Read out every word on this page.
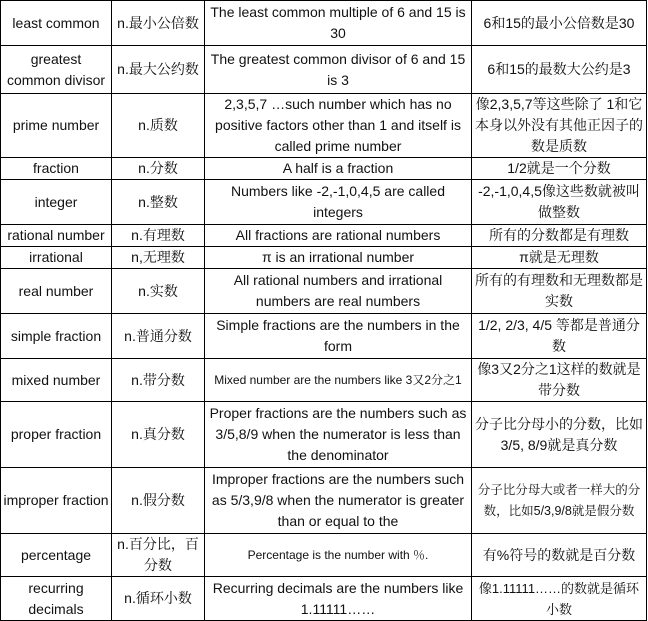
least common	n.最小公倍数	The least common multiple of 6 and 15 is 30	6和15的最小公倍数是30
greatest common divisor	n.最大公约数	The greatest common divisor of 6 and 15 is 3	6和15的最数大公约是3
prime number	n.质数	2,3,5,7 …such number which has no positive factors other than 1 and itself is called prime number	像2,3,5,7等这些除了 1和它本身以外没有其他正因子的数是质数
fraction	n.分数	A half is a fraction	1/2就是一个分数
integer	n.整数	Numbers like -2,-1,0,4,5 are called integers	-2,-1,0,4,5像这些数就被叫做整数
rational number	n.有理数	All fractions are rational numbers	所有的分数都是有理数
irrational	n,无理数	π is an irrational number	π就是无理数
real number	n.实数	All rational numbers and irrational numbers are real numbers	所有的有理数和无理数都是实数
simple fraction	n.普通分数	Simple fractions are the numbers in the form	1/2, 2/3, 4/5 等都是普通分数
mixed number	n.带分数	Mixed number are the numbers like 3又2分之1	像3又2分之1这样的数就是带分数
proper fraction	n.真分数	Proper fractions are the numbers such as 3/5,8/9 when the numerator is less than the denominator	分子比分母小的分数，比如3/5, 8/9就是真分数
improper fraction	n.假分数	Improper fractions are the numbers such as 5/3,9/8 when the numerator is greater than or equal to the	分子比分母大或者一样大的分数，比如5/3,9/8就是假分数
percentage	n.百分比，百分数	Percentage is the number with ％.	有%符号的数就是百分数
recurring decimals	n.循环小数	Recurring decimals are the numbers like 1.11111……	像1.11111……的数就是循环小数
